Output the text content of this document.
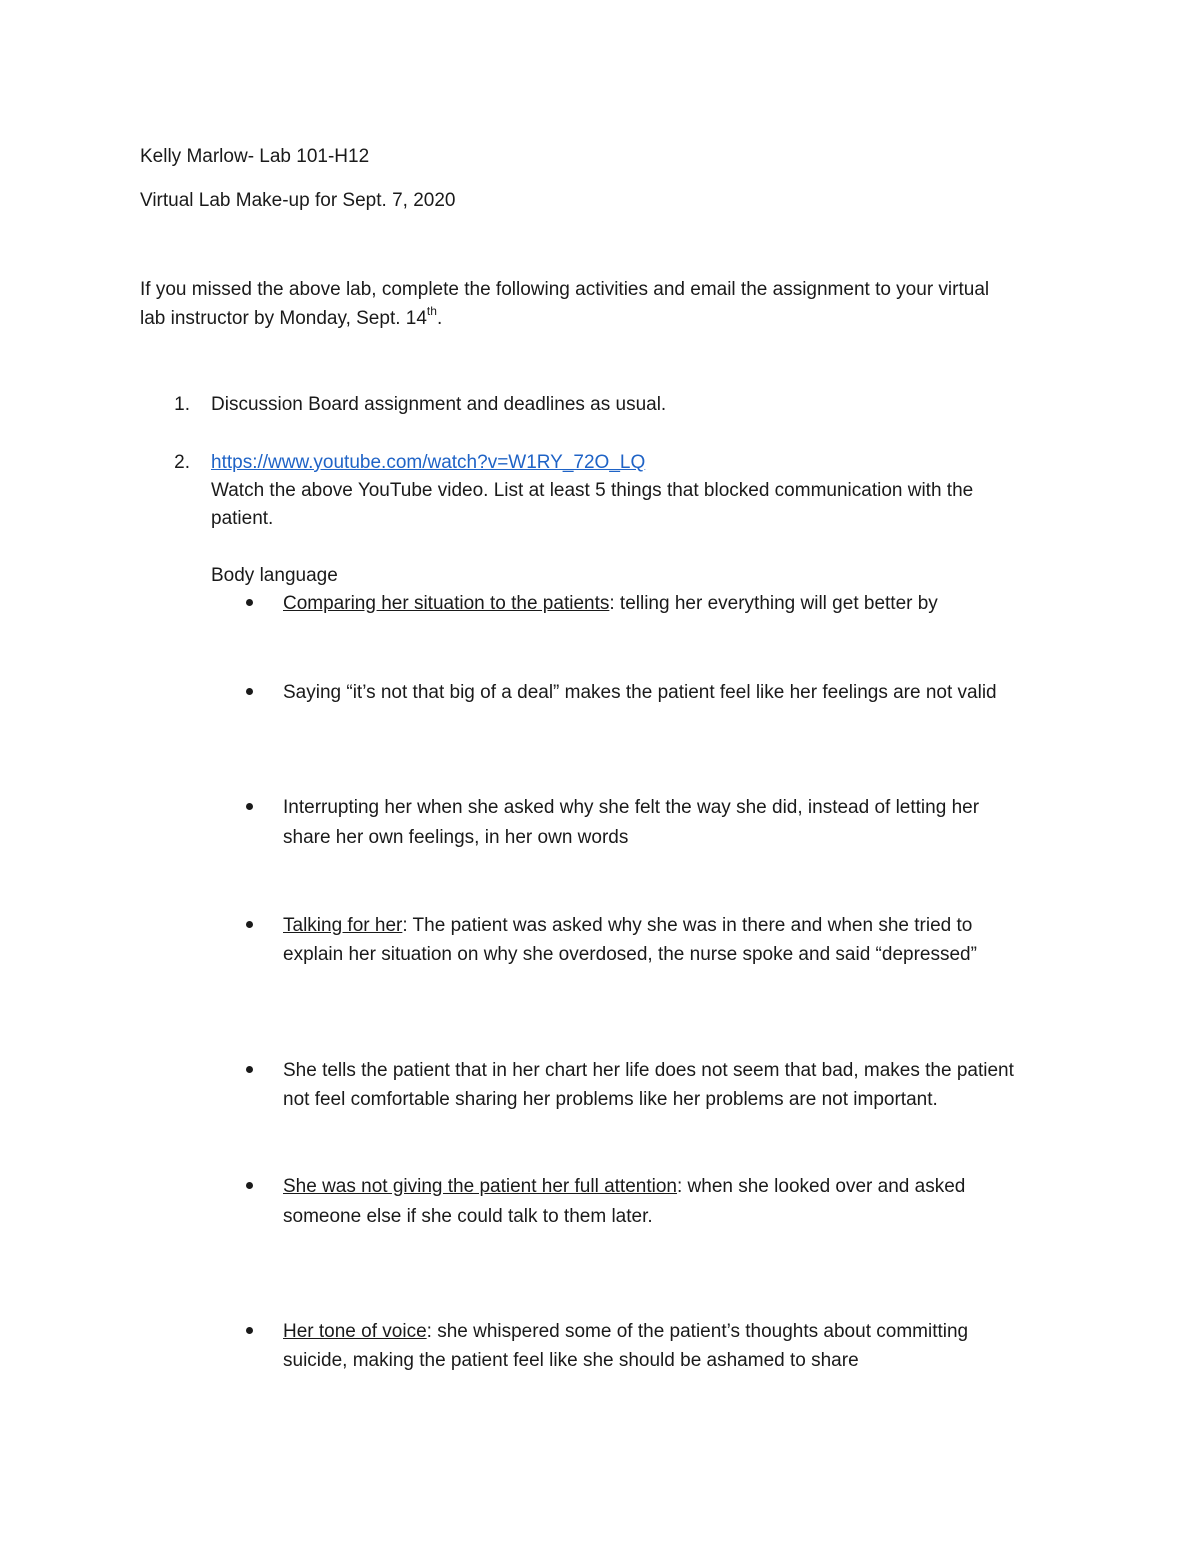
Kelly Marlow- Lab 101-H12
Virtual Lab Make-up for Sept. 7, 2020
If you missed the above lab, complete the following activities and email the assignment to your virtual
lab instructor by Monday, Sept. 14th.
1. Discussion Board assignment and deadlines as usual.
2. https://www.youtube.com/watch?v=W1RY_72O_LQ
Watch the above YouTube video. List at least 5 things that blocked communication with the
patient.
Body language
Comparing her situation to the patients: telling her everything will get better by
Saying “it’s not that big of a deal” makes the patient feel like her feelings are not valid
Interrupting her when she asked why she felt the way she did, instead of letting her
share her own feelings, in her own words
Talking for her: The patient was asked why she was in there and when she tried to
explain her situation on why she overdosed, the nurse spoke and said “depressed”
She tells the patient that in her chart her life does not seem that bad, makes the patient
not feel comfortable sharing her problems like her problems are not important.
She was not giving the patient her full attention: when she looked over and asked
someone else if she could talk to them later.
Her tone of voice: she whispered some of the patient’s thoughts about committing
suicide, making the patient feel like she should be ashamed to share
